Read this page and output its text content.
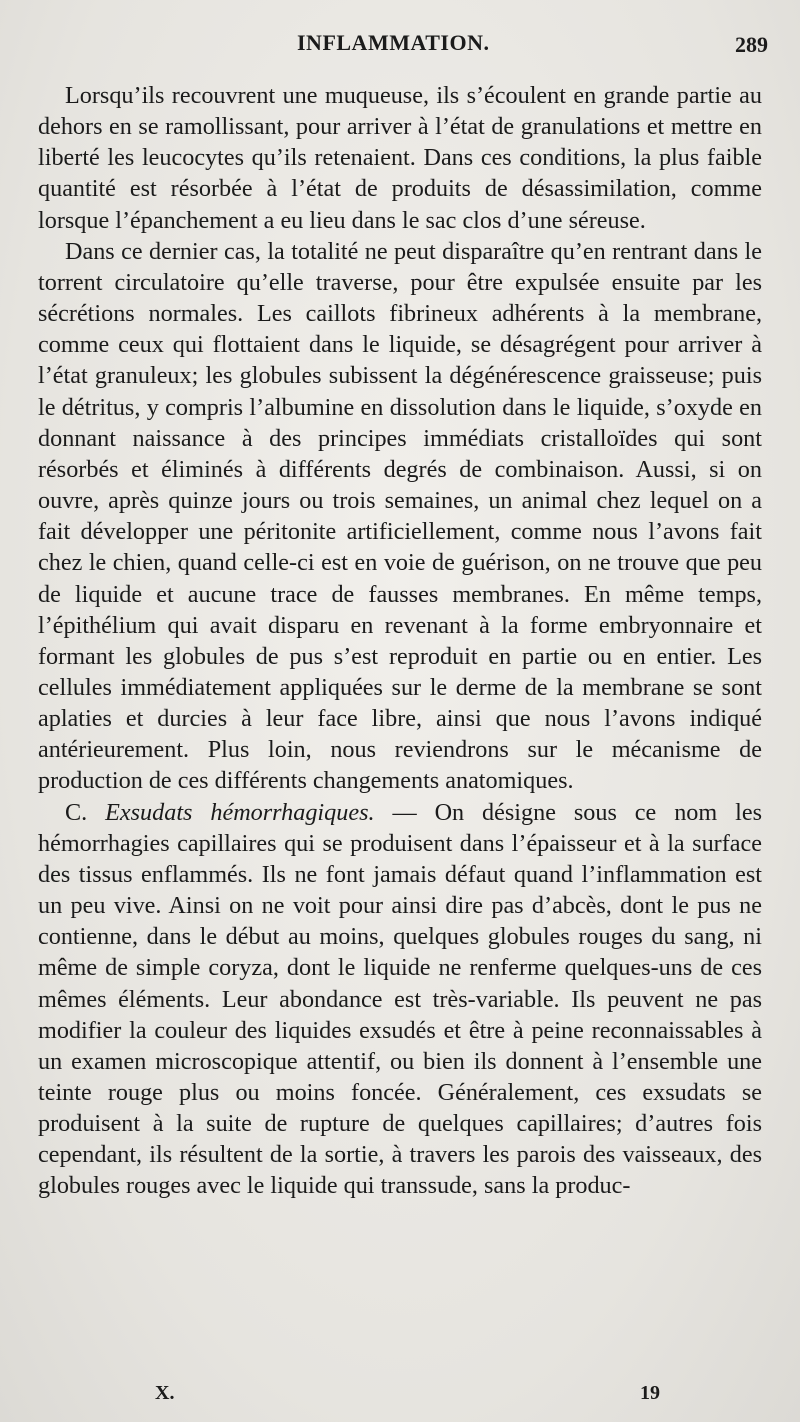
INFLAMMATION.	289

Lorsqu’ils recouvrent une muqueuse, ils s’écoulent en grande partie au dehors en se ramollissant, pour arriver à l’état de granulations et mettre en liberté les leucocytes qu’ils retenaient. Dans ces conditions, la plus faible quantité est résorbée à l’état de produits de désassimilation, comme lorsque l’épanchement a eu lieu dans le sac clos d’une séreuse.

Dans ce dernier cas, la totalité ne peut disparaître qu’en rentrant dans le torrent circulatoire qu’elle traverse, pour être expulsée ensuite par les sécrétions normales. Les caillots fibrineux adhérents à la membrane, comme ceux qui flottaient dans le liquide, se désagrégent pour arriver à l’état granuleux; les globules subissent la dégénérescence graisseuse; puis le détritus, y compris l’albumine en dissolution dans le liquide, s’oxyde en donnant naissance à des principes immédiats cristalloïdes qui sont résorbés et éliminés à différents degrés de combinaison. Aussi, si on ouvre, après quinze jours ou trois semaines, un animal chez lequel on a fait développer une péritonite artificiellement, comme nous l’avons fait chez le chien, quand celle-ci est en voie de guérison, on ne trouve que peu de liquide et aucune trace de fausses membranes. En même temps, l’épithélium qui avait disparu en revenant à la forme embryonnaire et formant les globules de pus s’est reproduit en partie ou en entier. Les cellules immédiatement appliquées sur le derme de la membrane se sont aplaties et durcies à leur face libre, ainsi que nous l’avons indiqué antérieurement. Plus loin, nous reviendrons sur le mécanisme de production de ces différents changements anatomiques.

C. Exsudats hémorrhagiques. — On désigne sous ce nom les hémorrhagies capillaires qui se produisent dans l’épaisseur et à la surface des tissus enflammés. Ils ne font jamais défaut quand l’inflammation est un peu vive. Ainsi on ne voit pour ainsi dire pas d’abcès, dont le pus ne contienne, dans le début au moins, quelques globules rouges du sang, ni même de simple coryza, dont le liquide ne renferme quelques-uns de ces mêmes éléments. Leur abondance est très-variable. Ils peuvent ne pas modifier la couleur des liquides exsudés et être à peine reconnaissables à un examen microscopique attentif, ou bien ils donnent à l’ensemble une teinte rouge plus ou moins foncée. Généralement, ces exsudats se produisent à la suite de rupture de quelques capillaires; d’autres fois cependant, ils résultent de la sortie, à travers les parois des vaisseaux, des globules rouges avec le liquide qui transsude, sans la produc-

X.	19
